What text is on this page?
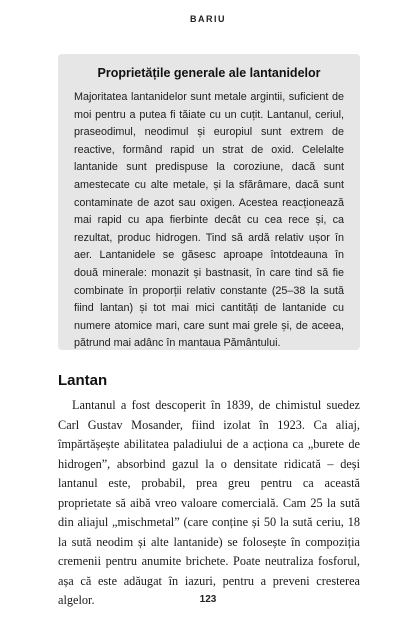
BARIU

Proprietățile generale ale lantanidelor

Majoritatea lantanidelor sunt metale argintii, suficient de moi pentru a putea fi tăiate cu un cuțit. Lantanul, ceriul, praseodimul, neodimul și europiul sunt extrem de reactive, formând rapid un strat de oxid. Celelalte lantanide sunt predispuse la coroziune, dacă sunt amestecate cu alte metale, și la sfărâmare, dacă sunt contaminate de azot sau oxigen. Acestea reacționează mai rapid cu apa fierbinte decât cu cea rece și, ca rezultat, produc hidrogen. Tind să ardă relativ ușor în aer. Lantanidele se găsesc aproape întotdeauna în două minerale: monazit și bastnasit, în care tind să fie combinate în proporții relativ constante (25–38 la sută fiind lantan) și tot mai mici cantități de lantanide cu numere atomice mari, care sunt mai grele și, de aceea, pătrund mai adânc în mantaua Pământului.

Lantan

Lantanul a fost descoperit în 1839, de chimistul suedez Carl Gustav Mosander, fiind izolat în 1923. Ca aliaj, împărtășește abilitatea paladiului de a acționa ca „burete de hidrogen”, absorbind gazul la o densitate ridicată – deși lantanul este, probabil, prea greu pentru ca această proprietate să aibă vreo valoare comercială. Cam 25 la sută din aliajul „mischmetal” (care conține și 50 la sută ceriu, 18 la sută neodim și alte lantanide) se folosește în compoziția cremenii pentru anumite brichete. Poate neutraliza fosforul, așa că este adăugat în iazuri, pentru a preveni cresterea algelor.	123
